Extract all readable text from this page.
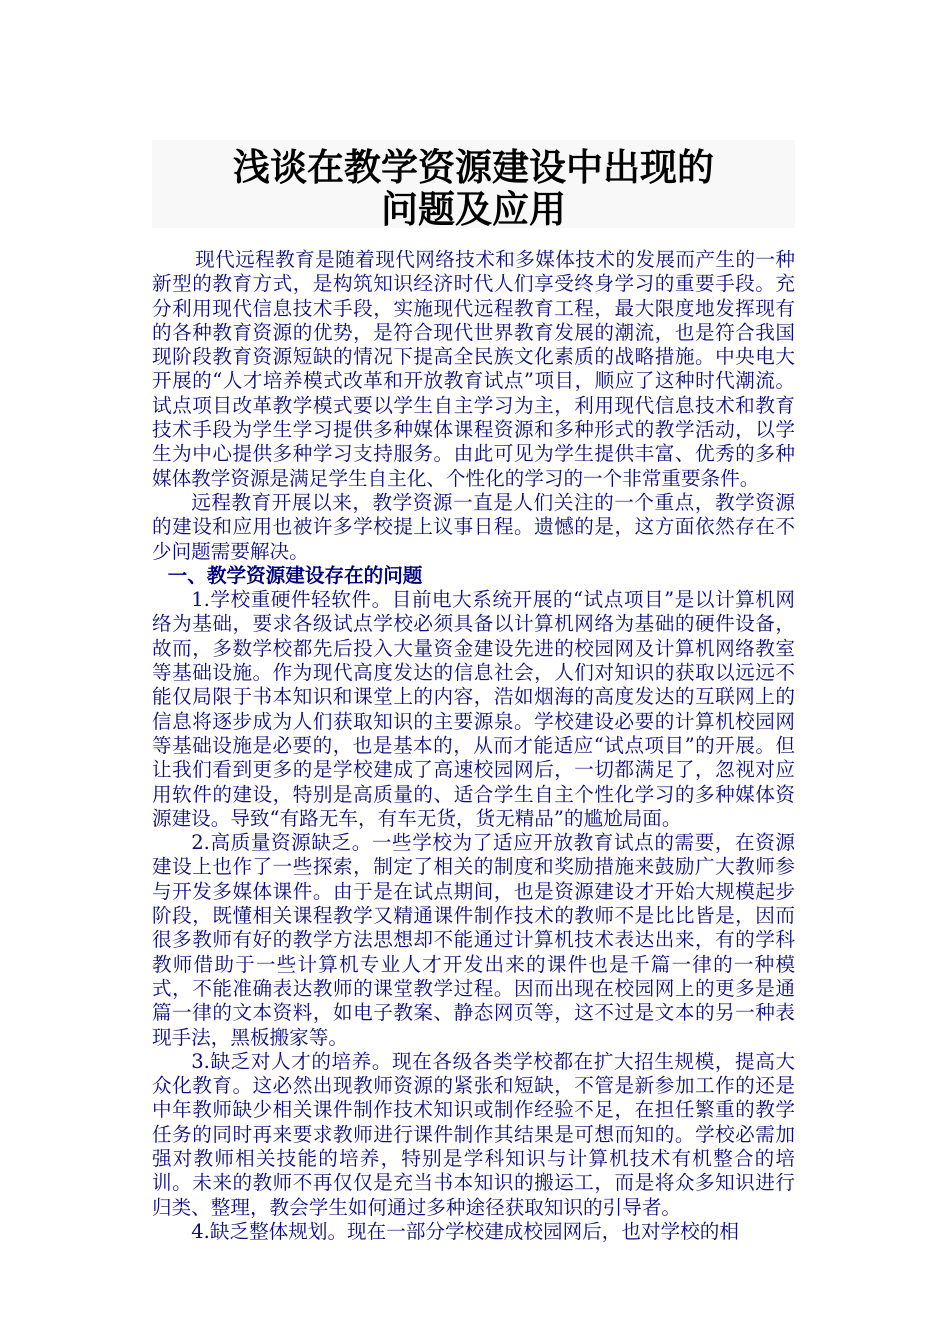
浅谈在教学资源建设中出现的
问题及应用

现代远程教育是随着现代网络技术和多媒体技术的发展而产生的一种新型的教育方式，是构筑知识经济时代人们享受终身学习的重要手段。充分利用现代信息技术手段，实施现代远程教育工程，最大限度地发挥现有的各种教育资源的优势，是符合现代世界教育发展的潮流，也是符合我国现阶段教育资源短缺的情况下提高全民族文化素质的战略措施。中央电大开展的“人才培养模式改革和开放教育试点”项目，顺应了这种时代潮流。试点项目改革教学模式要以学生自主学习为主，利用现代信息技术和教育技术手段为学生学习提供多种媒体课程资源和多种形式的教学活动，以学生为中心提供多种学习支持服务。由此可见为学生提供丰富、优秀的多种媒体教学资源是满足学生自主化、个性化的学习的一个非常重要条件。

远程教育开展以来，教学资源一直是人们关注的一个重点，教学资源的建设和应用也被许多学校提上议事日程。遗憾的是，这方面依然存在不少问题需要解决。

一、教学资源建设存在的问题

1.学校重硬件轻软件。目前电大系统开展的“试点项目”是以计算机网络为基础，要求各级试点学校必须具备以计算机网络为基础的硬件设备，故而，多数学校都先后投入大量资金建设先进的校园网及计算机网络教室等基础设施。作为现代高度发达的信息社会，人们对知识的获取以远远不能仅局限于书本知识和课堂上的内容，浩如烟海的高度发达的互联网上的信息将逐步成为人们获取知识的主要源泉。学校建设必要的计算机校园网等基础设施是必要的，也是基本的，从而才能适应“试点项目”的开展。但让我们看到更多的是学校建成了高速校园网后，一切都满足了，忽视对应用软件的建设，特别是高质量的、适合学生自主个性化学习的多种媒体资源建设。导致“有路无车，有车无货，货无精品”的尴尬局面。

2.高质量资源缺乏。一些学校为了适应开放教育试点的需要，在资源建设上也作了一些探索，制定了相关的制度和奖励措施来鼓励广大教师参与开发多媒体课件。由于是在试点期间，也是资源建设才开始大规模起步阶段，既懂相关课程教学又精通课件制作技术的教师不是比比皆是，因而很多教师有好的教学方法思想却不能通过计算机技术表达出来，有的学科教师借助于一些计算机专业人才开发出来的课件也是千篇一律的一种模式，不能准确表达教师的课堂教学过程。因而出现在校园网上的更多是通篇一律的文本资料，如电子教案、静态网页等，这不过是文本的另一种表现手法，黑板搬家等。

3.缺乏对人才的培养。现在各级各类学校都在扩大招生规模，提高大众化教育。这必然出现教师资源的紧张和短缺，不管是新参加工作的还是中年教师缺少相关课件制作技术知识或制作经验不足，在担任繁重的教学任务的同时再来要求教师进行课件制作其结果是可想而知的。学校必需加强对教师相关技能的培养，特别是学科知识与计算机技术有机整合的培训。未来的教师不再仅仅是充当书本知识的搬运工，而是将众多知识进行归类、整理，教会学生如何通过多种途径获取知识的引导者。

4.缺乏整体规划。现在一部分学校建成校园网后，也对学校的相
